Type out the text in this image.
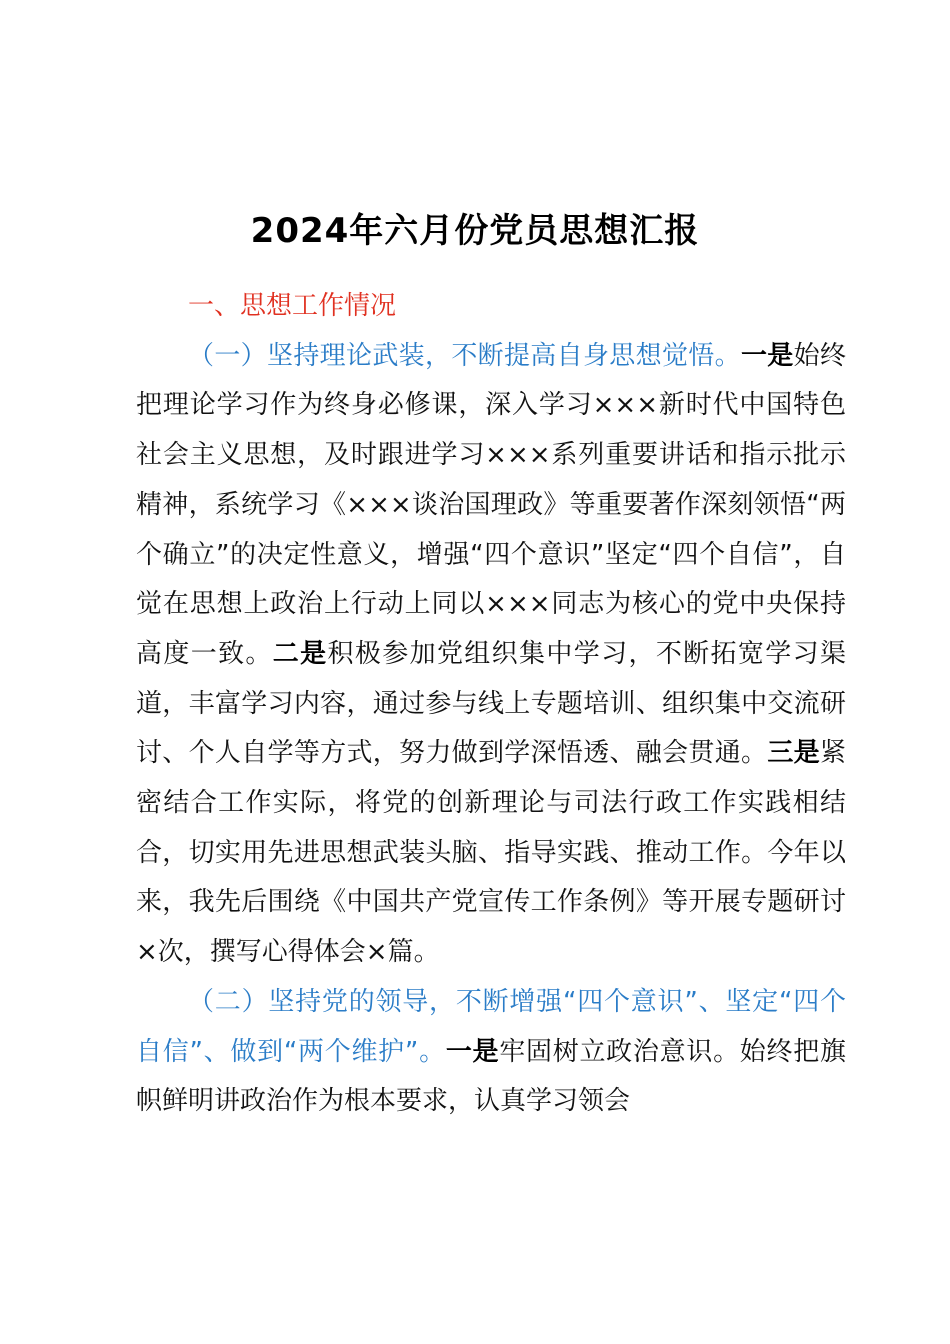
2024年六月份党员思想汇报

一、思想工作情况

（一）坚持理论武装，不断提高自身思想觉悟。一是始终把理论学习作为终身必修课，深入学习×××新时代中国特色社会主义思想，及时跟进学习×××系列重要讲话和指示批示精神，系统学习《×××谈治国理政》等重要著作深刻领悟“两个确立”的决定性意义，增强“四个意识”坚定“四个自信”，自觉在思想上政治上行动上同以×××同志为核心的党中央保持高度一致。二是积极参加党组织集中学习，不断拓宽学习渠道，丰富学习内容，通过参与线上专题培训、组织集中交流研讨、个人自学等方式，努力做到学深悟透、融会贯通。三是紧密结合工作实际，将党的创新理论与司法行政工作实践相结合，切实用先进思想武装头脑、指导实践、推动工作。今年以来，我先后围绕《中国共产党宣传工作条例》等开展专题研讨×次，撰写心得体会×篇。

（二）坚持党的领导，不断增强“四个意识”、坚定“四个自信”、做到“两个维护”。一是牢固树立政治意识。始终把旗帜鲜明讲政治作为根本要求，认真学习领会
